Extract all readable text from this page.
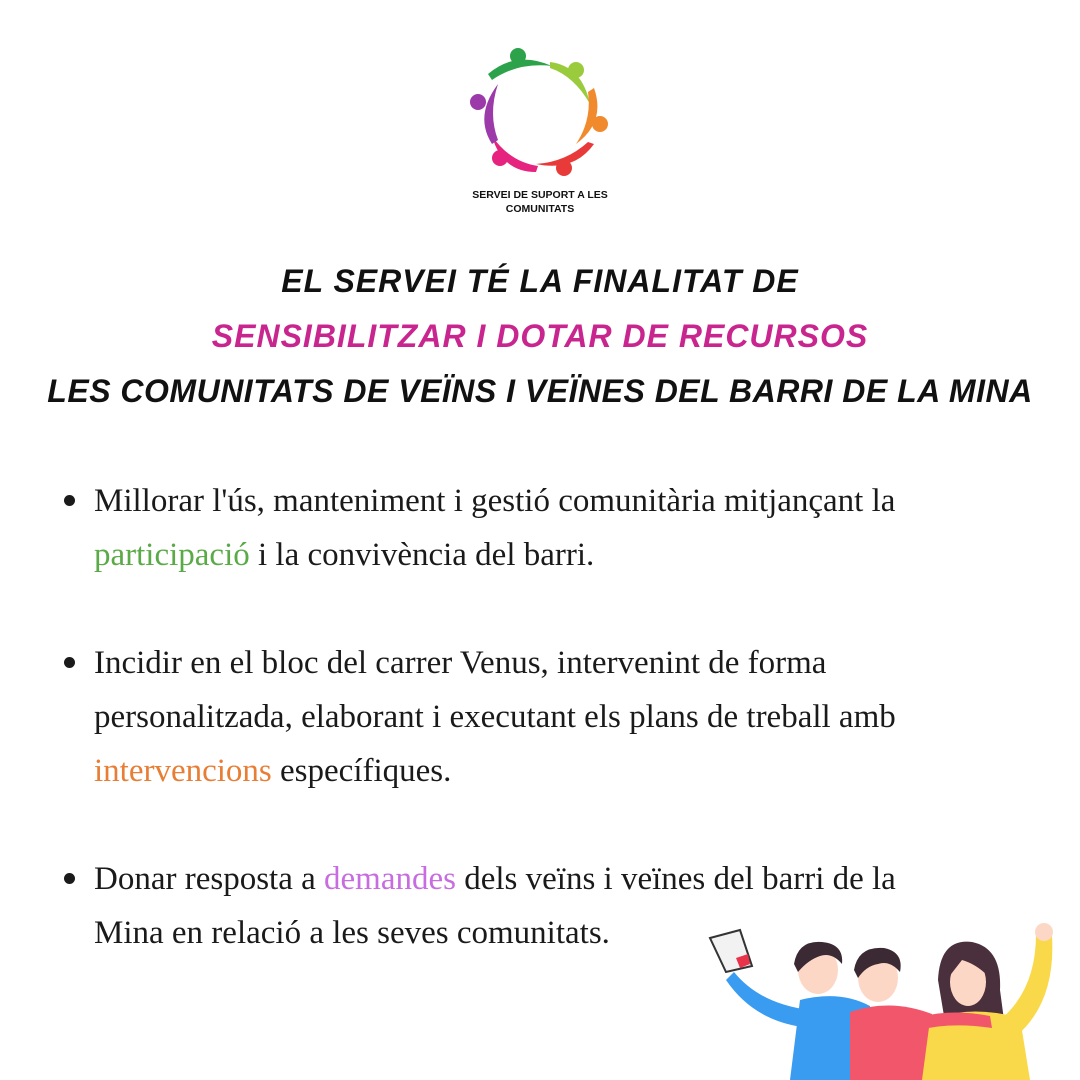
SERVEI DE SUPORT A LES
COMUNITATS
EL SERVEI TÉ LA FINALITAT DE
SENSIBILITZAR I DOTAR DE RECURSOS
LES COMUNITATS DE VEÏNS I VEÏNES DEL BARRI DE LA MINA
Millorar l'ús, manteniment i gestió comunitària mitjançant la
participació i la convivència del barri.
Incidir en el bloc del carrer Venus, intervenint de forma
personalitzada, elaborant i executant els plans de treball amb
intervencions específiques.
Donar resposta a demandes dels veïns i veïnes del barri de la
Mina en relació a les seves comunitats.
